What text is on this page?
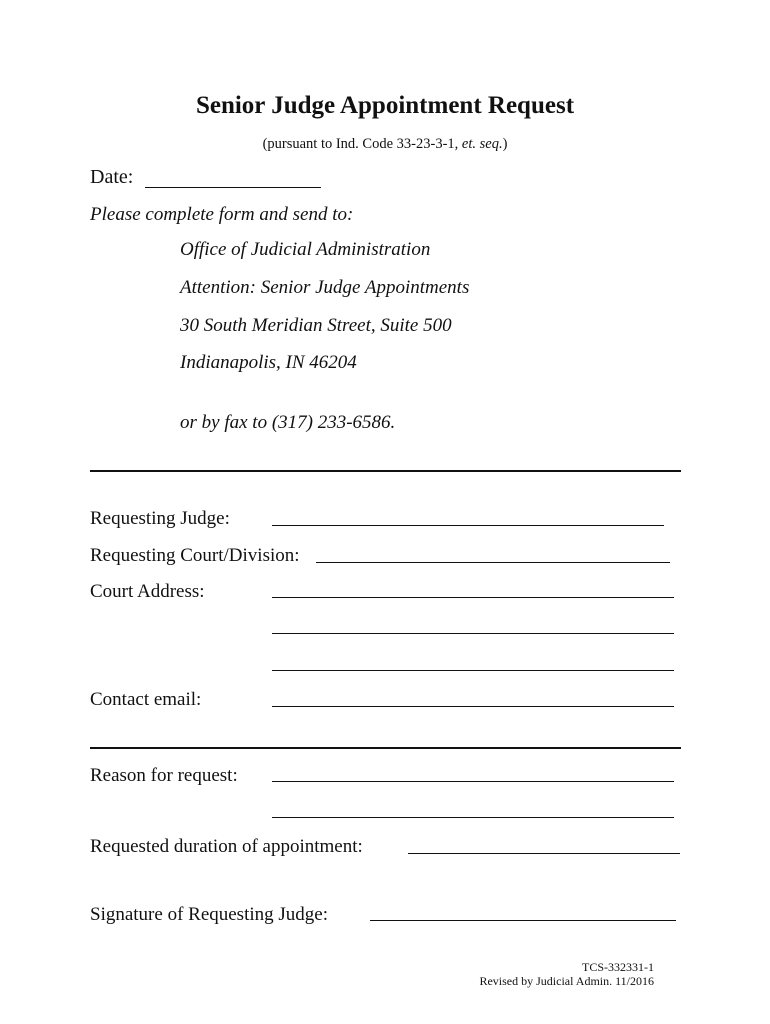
Senior Judge Appointment Request
(pursuant to Ind. Code 33-23-3-1, et. seq.)
Date:
Please complete form and send to:
Office of Judicial Administration
Attention: Senior Judge Appointments
30 South Meridian Street, Suite 500
Indianapolis, IN 46204
or by fax to (317) 233-6586.
Requesting Judge:
Requesting Court/Division:
Court Address:
Contact email:
Reason for request:
Requested duration of appointment:
Signature of Requesting Judge:
TCS-332331-1
Revised by Judicial Admin. 11/2016
